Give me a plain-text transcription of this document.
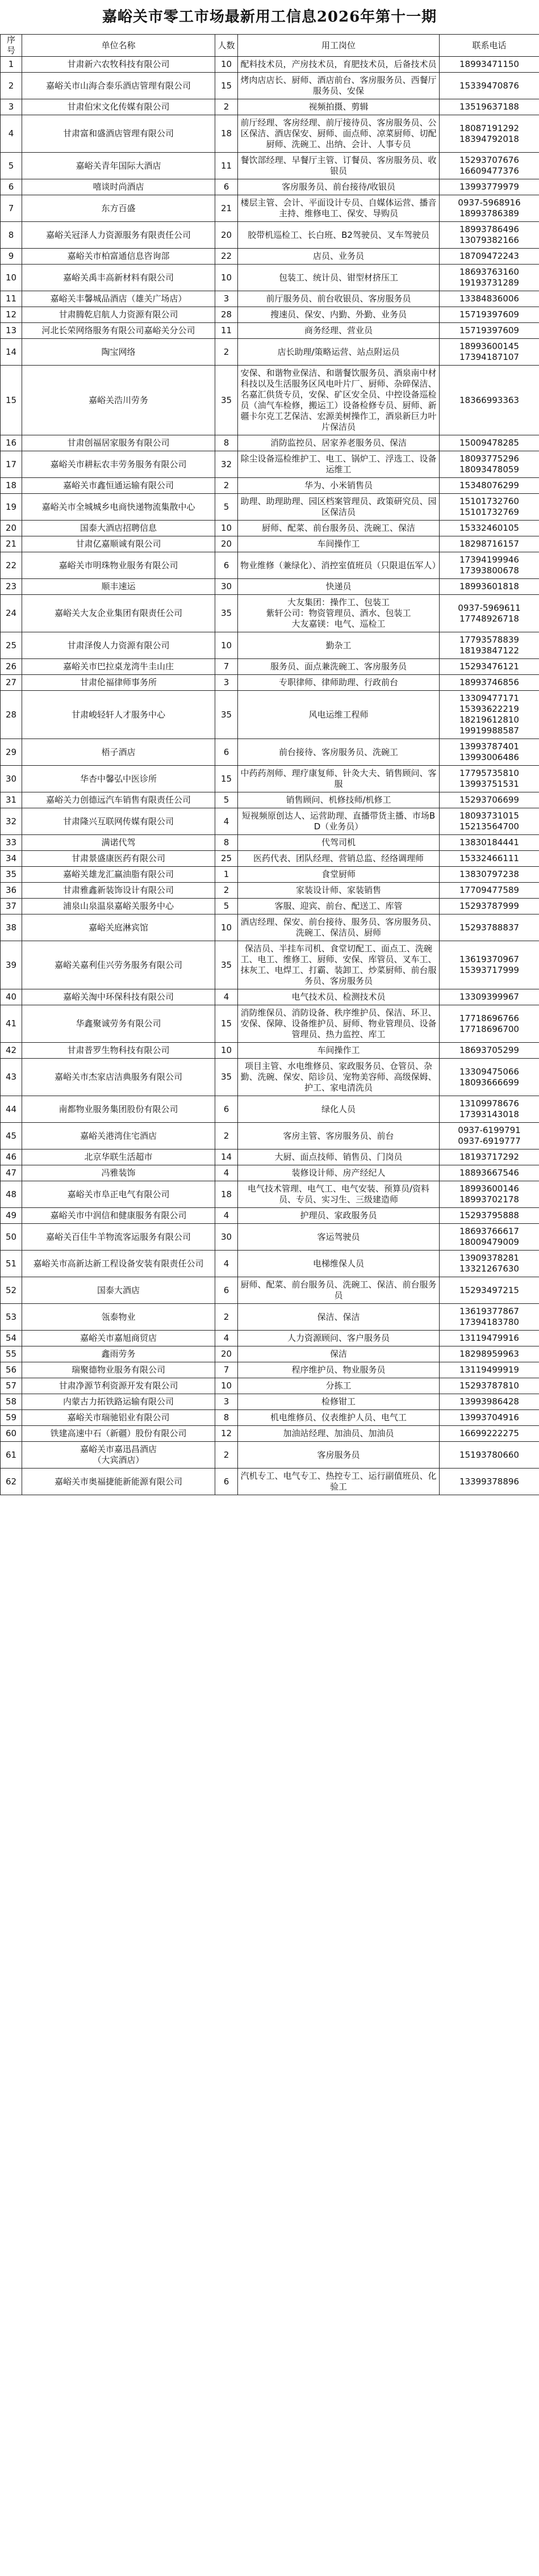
嘉峪关市零工市场最新用工信息2026年第十一期
序号	单位名称	人数	用工岗位	联系电话
1	甘肃新六农牧科技有限公司	10	配料技术员，产房技术员，育肥技术员，后备技术员	18993471150
2	嘉峪关市山海合泰乐酒店管理有限公司	15	烤肉店店长、厨师、酒店前台、客房服务员、西餐厅服务员、安保	15339470876
3	甘肃伯宋文化传媒有限公司	2	视频拍摄、剪辑	13519637188
4	甘肃富和盛酒店管理有限公司	18	前厅经理、客房经理、前厅接待员、客房服务员、公区保洁、酒店保安、厨师、面点师、凉菜厨师、切配厨师、洗碗工、出纳、会计、人事专员	18087191292
18394792018
5	嘉峪关青年国际大酒店	11	餐饮部经理、早餐厅主管、订餐员、客房服务员、收银员	15293707676
16609477376
6	嘻谈时尚酒店	6	客房服务员、前台接待/收银员	13993779979
7	东方百盛	21	楼层主管、会计、平面设计专员、自媒体运营、播音主持、维修电工、保安、导购员	0937-5968916
18993786389
8	嘉峪关冠泽人力资源服务有限责任公司	20	胶带机巡检工、长白班、B2驾驶员、叉车驾驶员	18993786496
13079382166
9	嘉峪关市柏富通信息咨询部	22	店员、业务员	18709472243
10	嘉峪关禹丰高新材料有限公司	10	包装工、统计员、钳型材挤压工	18693763160
19193731289
11	嘉峪关丰馨城品酒店（雄关广场店）	3	前厅服务员、前台收银员、客房服务员	13384836006
12	甘肃腾乾启航人力资源有限公司	28	搜速员、保安、内勤、外勤、业务员	15719397609
13	河北长荣网络服务有限公司嘉峪关分公司	11	商务经理、营业员	15719397609
14	陶宝网络	2	店长助理/策略运营、站点附运员	18993600145
17394187107
15	嘉峪关浩川劳务	35	安保、和谐物业保洁、和谐餐饮服务员、酒泉南中材科技以及生活服务区风电叶片厂、厨师、杂碎保洁、名嘉汇供货专员，安保、矿区安全员、中控设备巡检员（油气车检修，搬运工）设备检修专员、厨师、新疆卡尔克工艺保洁、宏源美树操作工，酒泉新巨力叶片保洁员	18366993363
16	甘肃创福居家服务有限公司	8	消防监控员、居家养老服务员、保洁	15009478285
17	嘉峪关市耕耘农丰劳务服务有限公司	32	除尘设备巡检维护工、电工、锅炉工、浮选工、设备运维工	18093775296
18093478059
18	嘉峪关市鑫恒通运输有限公司	2	华为、小米销售员	15348076299
19	嘉峪关市全城城乡电商快递物流集散中心	5	助理、助理助理、园区档案管理员、政策研究员、园区保洁员	15101732760
15101732769
20	国泰大酒店招聘信息	10	厨师、配菜、前台服务员、洗碗工、保洁	15332460105
21	甘肃亿嘉顺诚有限公司	20	车间操作工	18298716157
22	嘉峪关市明珠物业服务有限公司	6	物业维修（兼绿化）、消控室值班员（只限退伍军人）	17394199946
17393800678
23	顺丰速运	30	快递员	18993601818
24	嘉峪关大友企业集团有限责任公司	35	大友集团：操作工、包装工
紫轩公司：物资管理员、酒水、包装工
大友嘉镁：电气、巡检工	0937-5969611
17748926718
25	甘肃泽俊人力资源有限公司	10	勤杂工	17793578839
18193847122
26	嘉峪关市巴拉桌龙湾牛圭山庄	7	服务员、面点兼洗碗工、客房服务员	15293476121
27	甘肃伦福律师事务所	3	专职律师、律师助理、行政前台	18993746856
28	甘肃峻轻轩人才服务中心	35	风电运维工程师	13309477171
15393622219
18219612810
19919988587
29	梧子酒店	6	前台接待、客房服务员、洗碗工	13993787401
13993006486
30	华杏中馨弘中医诊所	15	中药药剂师、理疗康复师、针灸大夫、销售顾问、客服	17795735810
13993751531
31	嘉峪关力创德远汽车销售有限责任公司	5	销售顾问、机修技师/机修工	15293706699
32	甘肃隆兴互联网传媒有限公司	4	短视频原创达人、运营助理、直播带货主播、市场BD（业务员）	18093731015
15213564700
33	满诺代驾	8	代驾司机	13830184441
34	甘肃景盛康医药有限公司	25	医药代表、团队经理、营销总监、经络调理师	15332466111
35	嘉峪关雄龙汇赢油脂有限公司	1	食堂厨师	13830797238
36	甘肃雅鑫新装饰设计有限公司	2	家装设计师、家装销售	17709477589
37	浦泉山泉温泉嘉峪关服务中心	5	客服、迎宾、前台、配送工、库管	15293787999
38	嘉峪关庭淋宾馆	10	酒店经理、保安、前台接待、服务员、客房服务员、洗碗工、保洁员、厨师	15293788837
39	嘉峪关嘉利佳兴劳务服务有限公司	35	保洁员、半挂车司机、食堂切配工、面点工、洗碗工、电工、维修工、厨师、安保、库管员、叉车工、抹灰工、电焊工、打霸、装卸工、炒菜厨师、前台服务员、客房服务员	13619370967
15393717999
40	嘉峪关淘中环保科技有限公司	4	电气技术员、检测技术员	13309399967
41	华鑫聚诚劳务有限公司	15	消防维保员、消防设备、秩序维护员、保洁、环卫、安保、保障、设备维护员、厨师、物业管理员、设备管理员、热力监控、库工	17718696766
17718696700
42	甘肃普罗生物科技有限公司	10	车间操作工	18693705299
43	嘉峪关市杰家店洁典服务有限公司	35	项目主管、水电维修员、家政服务员、仓管员、杂勤、洗碗、保安、陪诊员、宠物美容师、高级保姆、护工、家电清洗员	13309475066
18093666699
44	南都物业服务集团股份有限公司	6	绿化人员	13109978676
17393143018
45	嘉峪关港湾住宅酒店	2	客房主管、客房服务员、前台	0937-6199791
0937-6919777
46	北京华联生活超市	14	大厨、面点技师、销售员、门岗员	18193717292
47	冯雅装饰	4	装修设计师、房产经纪人	18893667546
48	嘉峪关市阜正电气有限公司	18	电气技术管理、电气工、电气安装、预算员/资料员、专员、实习生、三级建造师	18993600146
18993702178
49	嘉峪关市中润信和健康服务有限公司	4	护理员、家政服务员	15293795888
50	嘉峪关百佳牛羊物流客运服务有限公司	30	客运驾驶员	18693766617
18009479009
51	嘉峪关市高新达新工程设备安装有限责任公司	4	电梯维保人员	13909378281
13321267630
52	国泰大酒店	6	厨师、配菜、前台服务员、洗碗工、保洁、前台服务员	15293497215
53	瓴泰物业	2	保洁、保洁	13619377867
17394183780
54	嘉峪关市嘉旭商贸店	4	人力资源顾问、客户服务员	13119479916
55	鑫雨劳务	20	保洁	18298959963
56	瑞聚德物业服务有限公司	7	程序维护员、物业服务员	13119499919
57	甘肃净源节利资源开发有限公司	10	分拣工	15293787810
58	内蒙古力拓铁路运输有限公司	3	检修钳工	13993986428
59	嘉峪关市瑞驰铝业有限公司	8	机电维修员、仪表维护人员、电气工	13993704916
60	铁建高速中石（新疆）股份有限公司	12	加油站经理、加油员、加油员	16699222275
61	嘉峪关市嘉迅昌酒店
（大宾酒店）	2	客房服务员	15193780660
62	嘉峪关市奥福捷能新能源有限公司	6	汽机专工、电气专工、热控专工、运行副值班员、化验工	13399378896
